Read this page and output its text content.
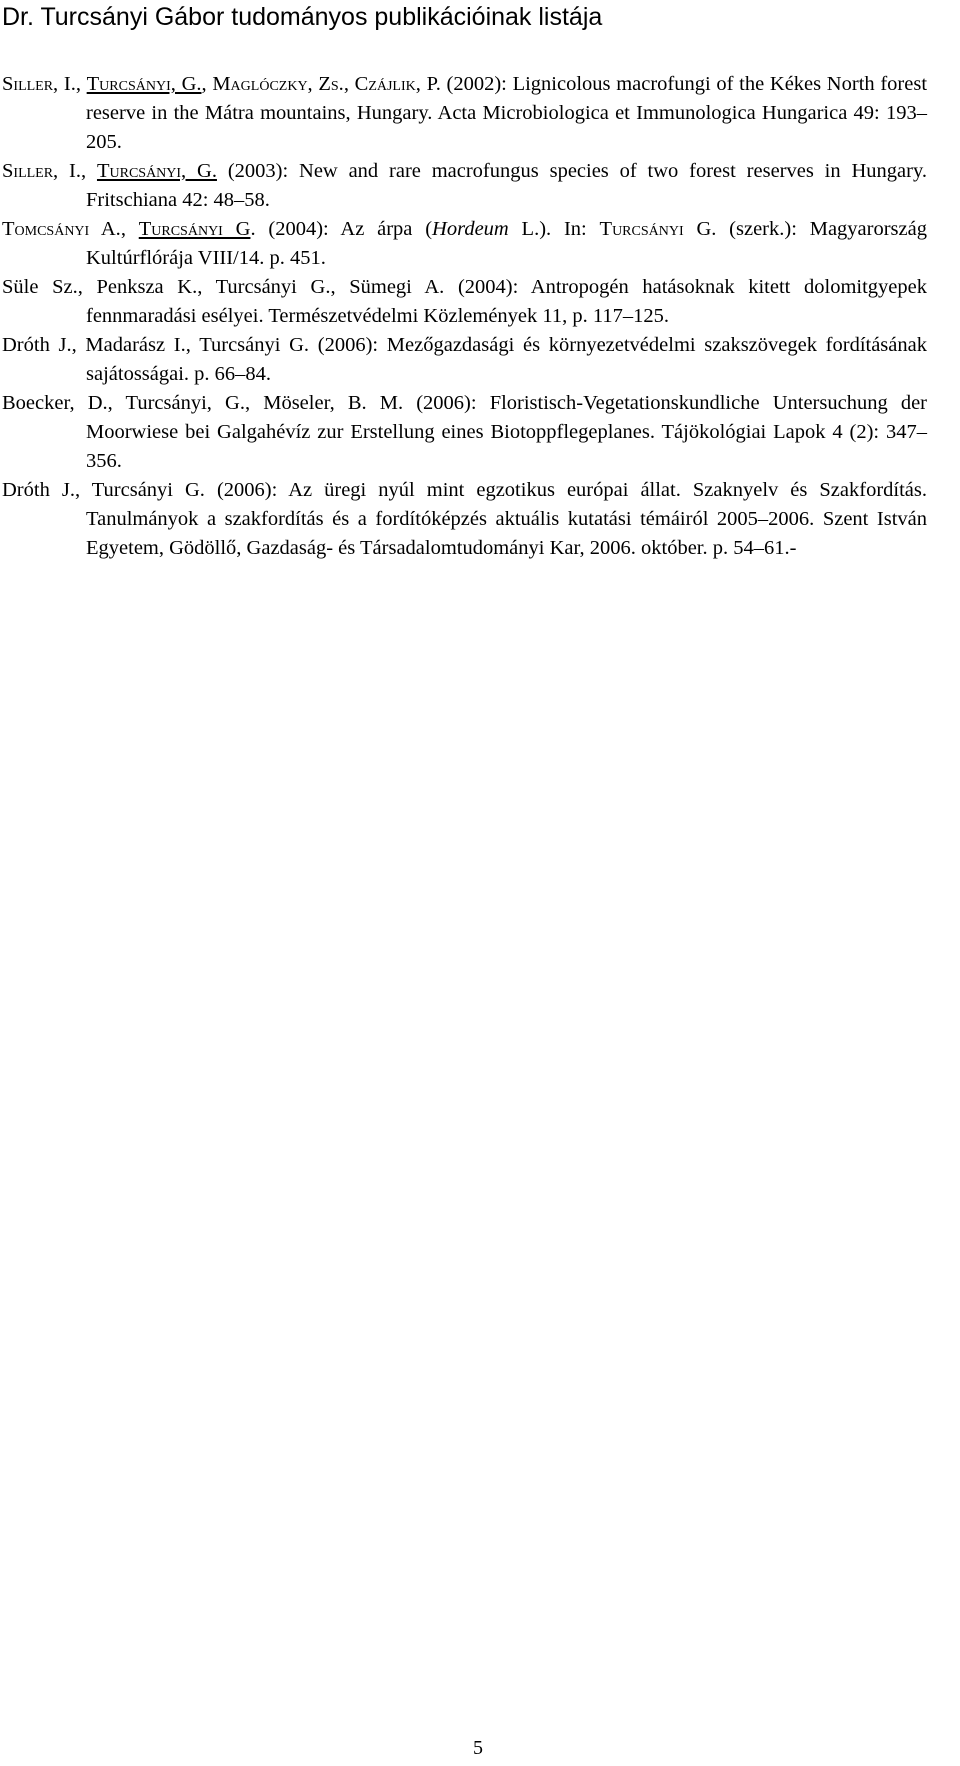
Dr. Turcsányi Gábor tudományos publikációinak listája
Siller, I., Turcsányi, G., Maglóczky, Zs., Czájlik, P. (2002): Lignicolous macrofungi of the Kékes North forest reserve in the Mátra mountains, Hungary. Acta Microbiologica et Immunologica Hungarica 49: 193–205.
Siller, I., Turcsányi, G. (2003): New and rare macrofungus species of two forest reserves in Hungary. Fritschiana 42: 48–58.
Tomcsányi A., Turcsányi G. (2004): Az árpa (Hordeum L.). In: Turcsányi G. (szerk.): Magyarország Kultúrflórája VIII/14. p. 451.
Süle Sz., Penksza K., Turcsányi G., Sümegi A. (2004): Antropogén hatásoknak kitett dolomitgyepek fennmaradási esélyei. Természetvédelmi Közlemények 11, p. 117–125.
Dróth J., Madarász I., Turcsányi G. (2006): Mezőgazdasági és környezetvédelmi szakszövegek fordításának sajátosságai. p. 66–84.
Boecker, D., Turcsányi, G., Möseler, B. M. (2006): Floristisch-Vegetationskundliche Untersuchung der Moorwiese bei Galgahévíz zur Erstellung eines Biotoppflegeplanes. Tájökológiai Lapok 4 (2): 347–356.
Dróth J., Turcsányi G. (2006): Az üregi nyúl mint egzotikus európai állat. Szaknyelv és Szakfordítás. Tanulmányok a szakfordítás és a fordítóképzés aktuális kutatási témáiról 2005–2006. Szent István Egyetem, Gödöllő, Gazdaság- és Társadalomtudományi Kar, 2006. október. p. 54–61.-
5
